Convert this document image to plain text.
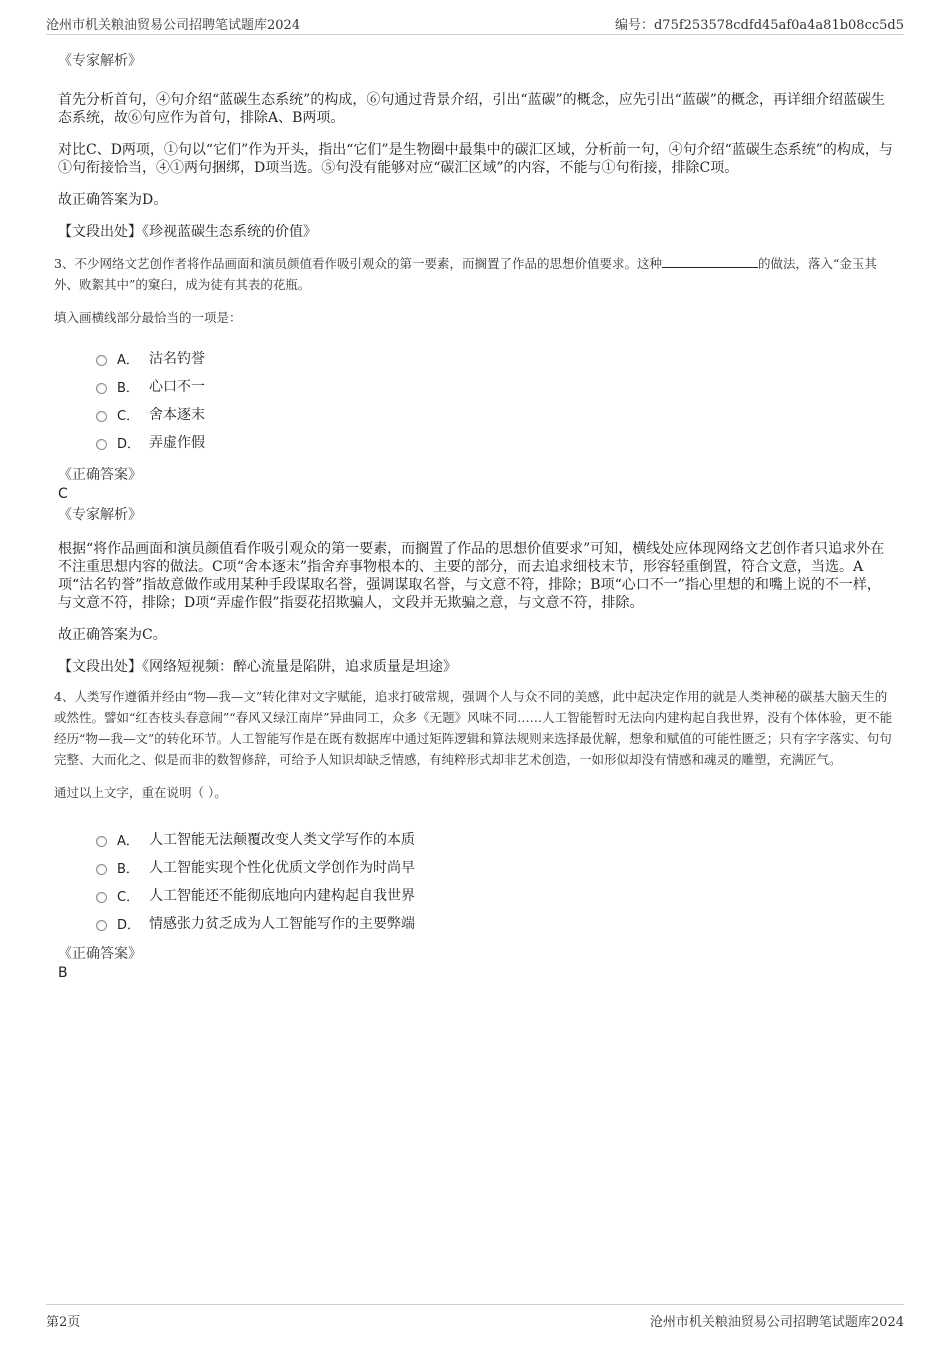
沧州市机关粮油贸易公司招聘笔试题库2024	编号：d75f253578cdfd45af0a4a81b08cc5d5
《专家解析》

首先分析首句，④句介绍“蓝碳生态系统”的构成，⑥句通过背景介绍，引出“蓝碳”的概念，应先引出“蓝碳”的概念，再详细介绍蓝碳生态系统，故⑥句应作为首句，排除A、B两项。

对比C、D两项，①句以“它们”作为开头，指出“它们”是生物圈中最集中的碳汇区域，分析前一句，④句介绍“蓝碳生态系统”的构成，与①句衔接恰当，④①两句捆绑，D项当选。⑤句没有能够对应“碳汇区域”的内容，不能与①句衔接，排除C项。

故正确答案为D。

【文段出处】《珍视蓝碳生态系统的价值》

3、不少网络文艺创作者将作品画面和演员颜值看作吸引观众的第一要素，而搁置了作品的思想价值要求。这种	的做法，落入“金玉其外、败絮其中”的窠臼，成为徒有其表的花瓶。

填入画横线部分最恰当的一项是：

A． 沽名钓誉
B． 心口不一
C． 舍本逐末
D． 弄虚作假
《正确答案》
C
《专家解析》

根据“将作品画面和演员颜值看作吸引观众的第一要素，而搁置了作品的思想价值要求”可知，横线处应体现网络文艺创作者只追求外在不注重思想内容的做法。C项“舍本逐末”指舍弃事物根本的、主要的部分，而去追求细枝末节，形容轻重倒置，符合文意，当选。A项“沽名钓誉”指故意做作或用某种手段谋取名誉，强调谋取名誉，与文意不符，排除；B项“心口不一”指心里想的和嘴上说的不一样，与文意不符，排除；D项“弄虚作假”指耍花招欺骗人，文段并无欺骗之意，与文意不符，排除。

故正确答案为C。

【文段出处】《网络短视频：醉心流量是陷阱，追求质量是坦途》

4、人类写作遵循并经由“物—我—文”转化律对文字赋能，追求打破常规，强调个人与众不同的美感，此中起决定作用的就是人类神秘的碳基大脑天生的或然性。譬如“红杏枝头春意闹”“春风又绿江南岸”异曲同工，众多《无题》风味不同……人工智能暂时无法向内建构起自我世界，没有个体体验，更不能经历“物—我—文”的转化环节。人工智能写作是在既有数据库中通过矩阵逻辑和算法规则来选择最优解，想象和赋值的可能性匮乏；只有字字落实、句句完整、大而化之、似是而非的数智修辞，可给予人知识却缺乏情感，有纯粹形式却非艺术创造，一如形似却没有情感和魂灵的雕塑，充满匠气。

通过以上文字，重在说明（ ）。

A． 人工智能无法颠覆改变人类文学写作的本质
B． 人工智能实现个性化优质文学创作为时尚早
C． 人工智能还不能彻底地向内建构起自我世界
D． 情感张力贫乏成为人工智能写作的主要弊端
《正确答案》
B
第2页	沧州市机关粮油贸易公司招聘笔试题库2024
